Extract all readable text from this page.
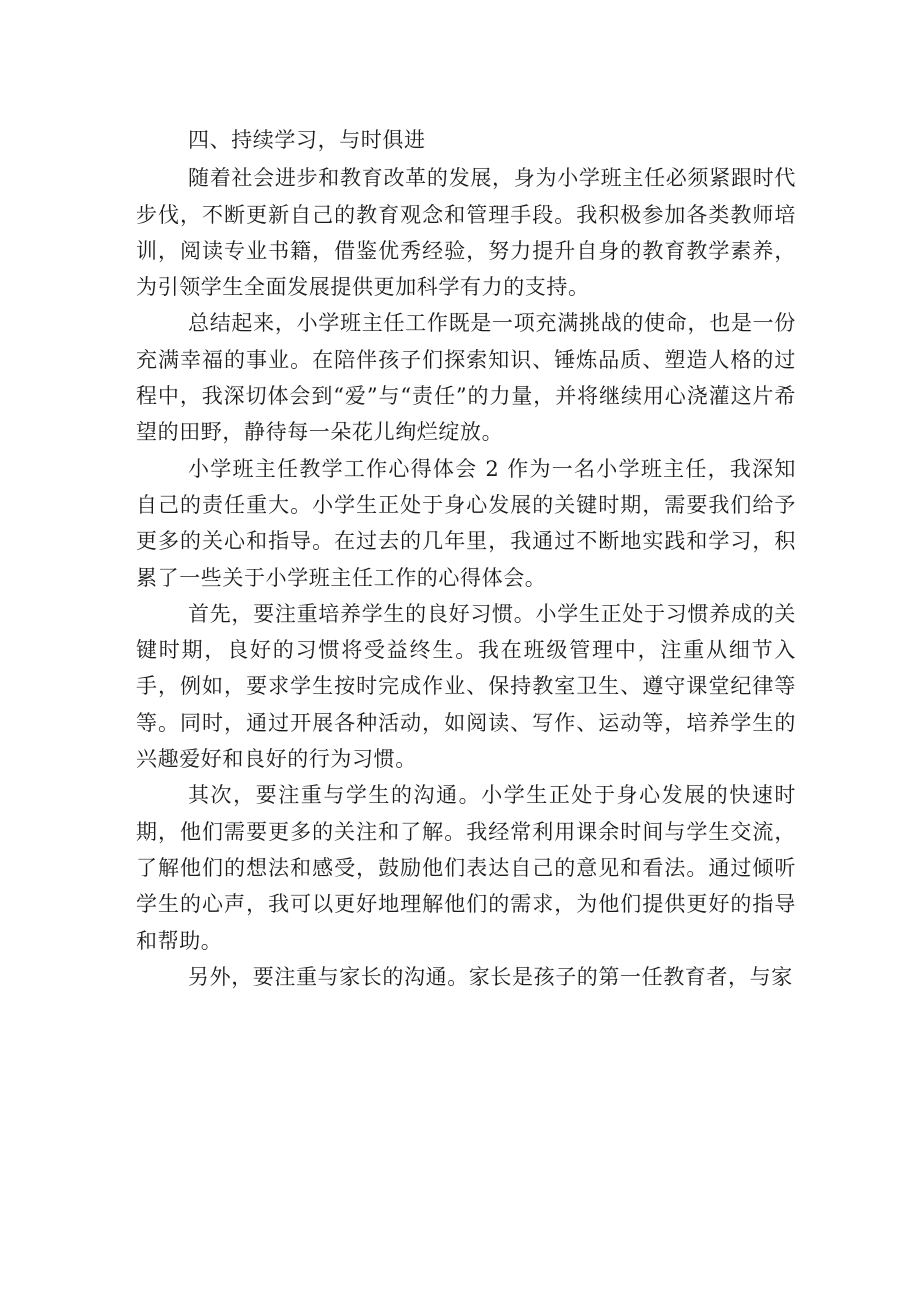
四、持续学习，与时俱进

随着社会进步和教育改革的发展，身为小学班主任必须紧跟时代步伐，不断更新自己的教育观念和管理手段。我积极参加各类教师培训，阅读专业书籍，借鉴优秀经验，努力提升自身的教育教学素养，为引领学生全面发展提供更加科学有力的支持。

总结起来，小学班主任工作既是一项充满挑战的使命，也是一份充满幸福的事业。在陪伴孩子们探索知识、锤炼品质、塑造人格的过程中，我深切体会到“爱”与“责任”的力量，并将继续用心浇灌这片希望的田野，静待每一朵花儿绚烂绽放。

小学班主任教学工作心得体会 2 作为一名小学班主任，我深知自己的责任重大。小学生正处于身心发展的关键时期，需要我们给予更多的关心和指导。在过去的几年里，我通过不断地实践和学习，积累了一些关于小学班主任工作的心得体会。

首先，要注重培养学生的良好习惯。小学生正处于习惯养成的关键时期，良好的习惯将受益终生。我在班级管理中，注重从细节入手，例如，要求学生按时完成作业、保持教室卫生、遵守课堂纪律等等。同时，通过开展各种活动，如阅读、写作、运动等，培养学生的兴趣爱好和良好的行为习惯。

其次，要注重与学生的沟通。小学生正处于身心发展的快速时期，他们需要更多的关注和了解。我经常利用课余时间与学生交流，了解他们的想法和感受，鼓励他们表达自己的意见和看法。通过倾听学生的心声，我可以更好地理解他们的需求，为他们提供更好的指导和帮助。

另外，要注重与家长的沟通。家长是孩子的第一任教育者，与家
